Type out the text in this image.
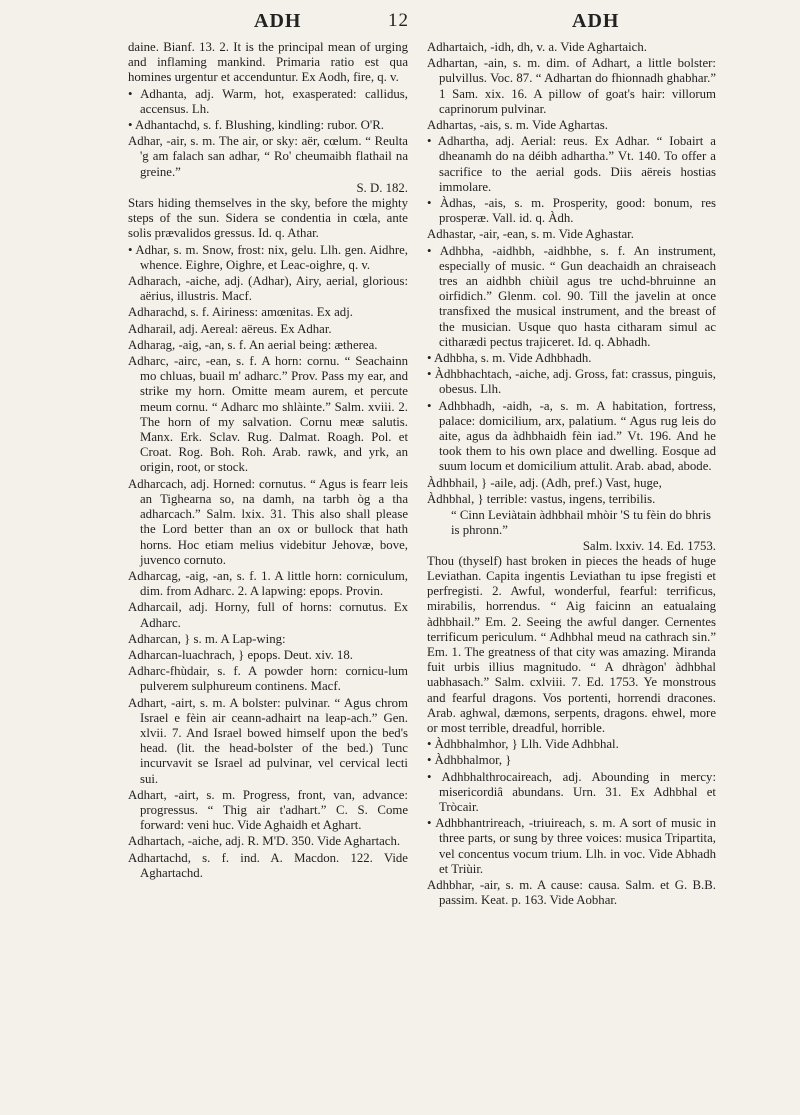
ADH	12	ADH

daine. Bianf. 13. 2. It is the principal mean of urging and inflaming mankind. Primaria ratio est qua homines urgentur et accenduntur. Ex Aodh, fire, q. v.

• Adhanta, adj. Warm, hot, exasperated: callidus, accensus. Lh.

• Adhantachd, s. f. Blushing, kindling: rubor. O'R.

Adhar, -air, s. m. The air, or sky: aër, cœlum. “ Reulta 'g am falach san adhar, “ Ro' cheumaibh flathail na greine.”

S. D. 182.

Stars hiding themselves in the sky, before the mighty steps of the sun. Sidera se condentia in cœla, ante solis prævalidos gressus. Id. q. Athar.

• Adhar, s. m. Snow, frost: nix, gelu. Llh. gen. Aidhre, whence. Eighre, Oighre, et Leac-oighre, q. v.

Adharach, -aiche, adj. (Adhar), Airy, aerial, glorious: aërius, illustris. Macf.

Adharachd, s. f. Airiness: amœnitas. Ex adj.

Adharail, adj. Aereal: aëreus. Ex Adhar.

Adharag, -aig, -an, s. f. An aerial being: ætherea.

Adharc, -airc, -ean, s. f. A horn: cornu. “ Seachainn mo chluas, buail m' adharc.” Prov. Pass my ear, and strike my horn. Omitte meam aurem, et percute meum cornu. “ Adharc mo shlàinte.” Salm. xviii. 2. The horn of my salvation. Cornu meæ salutis. Manx. Erk. Sclav. Rug. Dalmat. Roagh. Pol. et Croat. Rog. Boh. Roh. Arab. rawk, and yrk, an origin, root, or stock.

Adharcach, adj. Horned: cornutus. “ Agus is fearr leis an Tighearna so, na damh, na tarbh òg a tha adharcach.” Salm. lxix. 31. This also shall please the Lord better than an ox or bullock that hath horns. Hoc etiam melius videbitur Jehovæ, bove, juvenco cornuto.

Adharcag, -aig, -an, s. f. 1. A little horn: corniculum, dim. from Adharc. 2. A lapwing: epops. Provin.

Adharcail, adj. Horny, full of horns: cornutus. Ex Adharc.

Adharcan, } s. m. A Lap-wing:

Adharcan-luachrach, } epops. Deut. xiv. 18.

Adharc-fhùdair, s. f. A powder horn: cornicu-lum pulverem sulphureum continens. Macf.

Adhart, -airt, s. m. A bolster: pulvinar. “ Agus chrom Israel e fèin air ceann-adhairt na leap-ach.” Gen. xlvii. 7. And Israel bowed himself upon the bed's head. (lit. the head-bolster of the bed.) Tunc incurvavit se Israel ad pulvinar, vel cervical lecti sui.

Adhart, -airt, s. m. Progress, front, van, advance: progressus. “ Thig air t'adhart.” C. S. Come forward: veni huc. Vide Aghaidh et Aghart.

Adhartach, -aiche, adj. R. M'D. 350. Vide Aghartach.

Adhartachd, s. f. ind. A. Macdon. 122. Vide Aghartachd.

Adhartaich, -idh, dh, v. a. Vide Aghartaich.

Adhartan, -ain, s. m. dim. of Adhart, a little bolster: pulvillus. Voc. 87. “ Adhartan do fhionnadh ghabhar.” 1 Sam. xix. 16. A pillow of goat's hair: villorum caprinorum pulvinar.

Adhartas, -ais, s. m. Vide Aghartas.

• Adhartha, adj. Aerial: reus. Ex Adhar. “ Iobairt a dheanamh do na déibh adhartha.” Vt. 140. To offer a sacrifice to the aerial gods. Diis aëreis hostias immolare.

• Àdhas, -ais, s. m. Prosperity, good: bonum, res prosperæ. Vall. id. q. Àdh.

Adhastar, -air, -ean, s. m. Vide Aghastar.

• Adhbha, -aidhbh, -aidhbhe, s. f. An instrument, especially of music. “ Gun deachaidh an chraiseach tres an aidhbh chiùil agus tre uchd-bhruinne an oirfidich.” Glenm. col. 90. Till the javelin at once transfixed the musical instrument, and the breast of the musician. Usque quo hasta citharam simul ac citharædi pectus trajiceret. Id. q. Abhadh.

• Adhbha, s. m. Vide Adhbhadh.

• Àdhbhachtach, -aiche, adj. Gross, fat: crassus, pinguis, obesus. Llh.

• Adhbhadh, -aidh, -a, s. m. A habitation, fortress, palace: domicilium, arx, palatium. “ Agus rug leis do aite, agus da àdhbhaidh fèin iad.” Vt. 196. And he took them to his own place and dwelling. Eosque ad suum locum et domicilium attulit. Arab. abad, abode.

Àdhbhail, } -aile, adj. (Adh, pref.) Vast, huge,

Àdhbhal, } terrible: vastus, ingens, terribilis.

“ Cinn Leviàtain àdhbhail mhòir 'S tu fèin do bhris is phronn.”

Salm. lxxiv. 14. Ed. 1753.

Thou (thyself) hast broken in pieces the heads of huge Leviathan. Capita ingentis Leviathan tu ipse fregisti et perfregisti. 2. Awful, wonderful, fearful: terrificus, mirabilis, horrendus. “ Aig faicinn an eatualaing àdhbhail.” Em. 2. Seeing the awful danger. Cernentes terrificum periculum. “ Adhbhal meud na cathrach sin.” Em. 1. The greatness of that city was amazing. Miranda fuit urbis illius magnitudo. “ A dhràgon' àdhbhal uabhasach.” Salm. cxlviii. 7. Ed. 1753. Ye monstrous and fearful dragons. Vos portenti, horrendi dracones. Arab. aghwal, dæmons, serpents, dragons. ehwel, more or most terrible, dreadful, horrible.

• Àdhbhalmhor, } Llh. Vide Adhbhal.

• Àdhbhalmor, }

• Adhbhalthrocaireach, adj. Abounding in mercy: misericordiâ abundans. Urn. 31. Ex Adhbhal et Tròcair.

• Adhbhantrireach, -triuireach, s. m. A sort of music in three parts, or sung by three voices: musica Tripartita, vel concentus vocum trium. Llh. in voc. Vide Abhadh et Triùir.

Adhbhar, -air, s. m. A cause: causa. Salm. et G. B.B. passim. Keat. p. 163. Vide Aobhar.
